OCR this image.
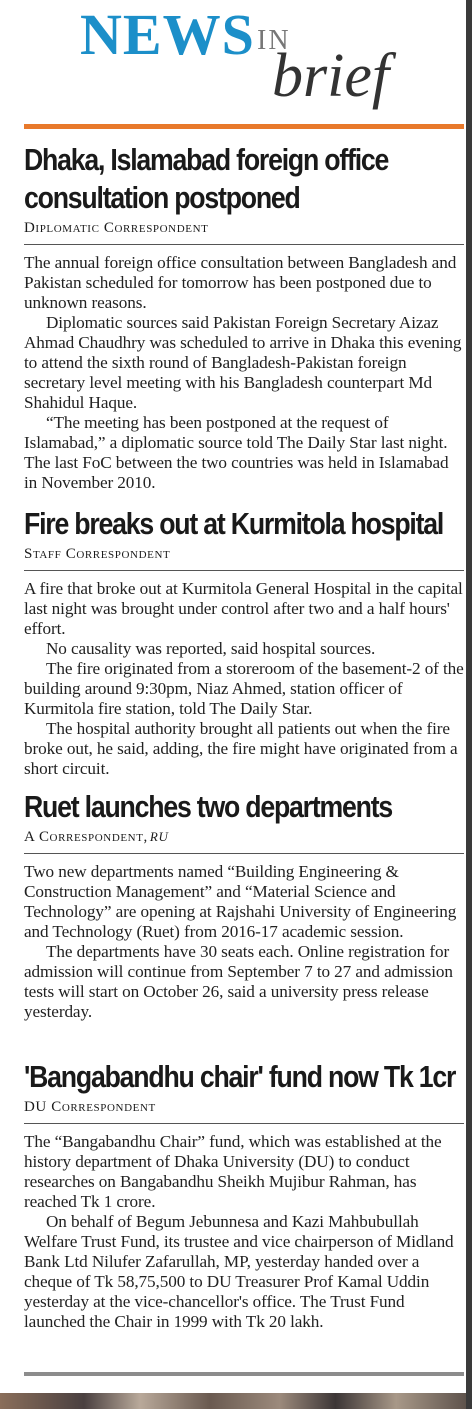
NEWS IN
brief
Dhaka, Islamabad foreign office consultation postponed
Diplomatic Correspondent

The annual foreign office consultation between Bangladesh and Pakistan scheduled for tomorrow has been postponed due to unknown reasons.

Diplomatic sources said Pakistan Foreign Secretary Aizaz Ahmad Chaudhry was scheduled to arrive in Dhaka this evening to attend the sixth round of Bangladesh-Pakistan foreign secretary level meeting with his Bangladesh counterpart Md Shahidul Haque.

“The meeting has been postponed at the request of Islamabad,” a diplomatic source told The Daily Star last night. The last FoC between the two countries was held in Islamabad in November 2010.

Fire breaks out at Kurmitola hospital
Staff Correspondent

A fire that broke out at Kurmitola General Hospital in the capital last night was brought under control after two and a half hours' effort.

No causality was reported, said hospital sources.

The fire originated from a storeroom of the basement-2 of the building around 9:30pm, Niaz Ahmed, station officer of Kurmitola fire station, told The Daily Star.

The hospital authority brought all patients out when the fire broke out, he said, adding, the fire might have originated from a short circuit.

Ruet launches two departments
A Correspondent, RU

Two new departments named “Building Engineering & Construction Management” and “Material Science and Technology” are opening at Rajshahi University of Engineering and Technology (Ruet) from 2016-17 academic session.

The departments have 30 seats each. Online registration for admission will continue from September 7 to 27 and admission tests will start on October 26, said a university press release yesterday.

'Bangabandhu chair' fund now Tk 1cr
DU Correspondent

The “Bangabandhu Chair” fund, which was established at the history department of Dhaka University (DU) to conduct researches on Bangabandhu Sheikh Mujibur Rahman, has reached Tk 1 crore.

On behalf of Begum Jebunnesa and Kazi Mahbubullah Welfare Trust Fund, its trustee and vice chairperson of Midland Bank Ltd Nilufer Zafarullah, MP, yesterday handed over a cheque of Tk 58,75,500 to DU Treasurer Prof Kamal Uddin yesterday at the vice-chancellor's office. The Trust Fund launched the Chair in 1999 with Tk 20 lakh.
